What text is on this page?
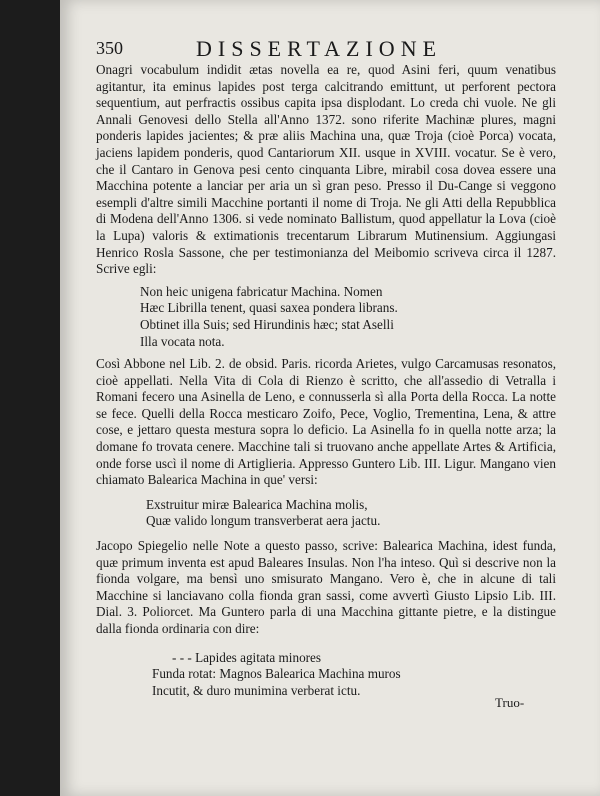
350	DISSERTAZIONE

Onagri vocabulum indidit ætas novella ea re, quod Asini feri, quum venatibus agitantur, ita eminus lapides post terga calcitrando emittunt, ut perforent pectora sequentium, aut perfractis ossibus capita ipsa displodant. Lo creda chi vuole. Ne gli Annali Genovesi dello Stella all'Anno 1372. sono riferite Machinæ plures, magni ponderis lapides jacientes; & præ aliis Machina una, quæ Troja (cioè Porca) vocata, jaciens lapidem ponderis, quod Cantariorum XII. usque in XVIII. vocatur. Se è vero, che il Cantaro in Genova pesi cento cinquanta Libre, mirabil cosa dovea essere una Macchina potente a lanciar per aria un sì gran peso. Presso il Du-Cange si veggono esempli d'altre simili Macchine portanti il nome di Troja. Ne gli Atti della Repubblica di Modena dell'Anno 1306. si vede nominato Ballistum, quod appellatur la Lova (cioè la Lupa) valoris & extimationis trecentarum Librarum Mutinensium. Aggiungasi Henrico Rosla Sassone, che per testimonianza del Meibomio scriveva circa il 1287. Scrive egli:

Non heic unigena fabricatur Machina. Nomen
Hæc Librilla tenent, quasi saxea pondera librans.
Obtinet illa Suis; sed Hirundinis hæc; stat Aselli
Illa vocata nota.

Così Abbone nel Lib. 2. de obsid. Paris. ricorda Arietes, vulgo Carcamusas resonatos, cioè appellati. Nella Vita di Cola di Rienzo è scritto, che all'assedio di Vetralla i Romani fecero una Asinella de Leno, e connusserla sì alla Porta della Rocca. La notte se fece. Quelli della Rocca mesticaro Zoifo, Pece, Voglio, Trementina, Lena, & attre cose, e jettaro questa mestura sopra lo deficio. La Asinella fo in quella notte arza; la domane fo trovata cenere. Macchine tali si truovano anche appellate Artes & Artificia, onde forse uscì il nome di Artiglieria. Appresso Guntero Lib. III. Ligur. Mangano vien chiamato Balearica Machina in que' versi:

Exstruitur miræ Balearica Machina molis,
Quæ valido longum transverberat aera jactu.

Jacopo Spiegelio nelle Note a questo passo, scrive: Balearica Machina, idest funda, quæ primum inventa est apud Baleares Insulas. Non l'ha inteso. Quì si descrive non la fionda volgare, ma bensì uno smisurato Mangano. Vero è, che in alcune di tali Macchine si lanciavano colla fionda gran sassi, come avvertì Giusto Lipsio Lib. III. Dial. 3. Poliorcet. Ma Guntero parla di una Macchina gittante pietre, e la distingue dalla fionda ordinaria con dire:

- - - Lapides agitata minores
Funda rotat: Magnos Balearica Machina muros
Incutit, & duro munimina verberat ictu.
Truo-
